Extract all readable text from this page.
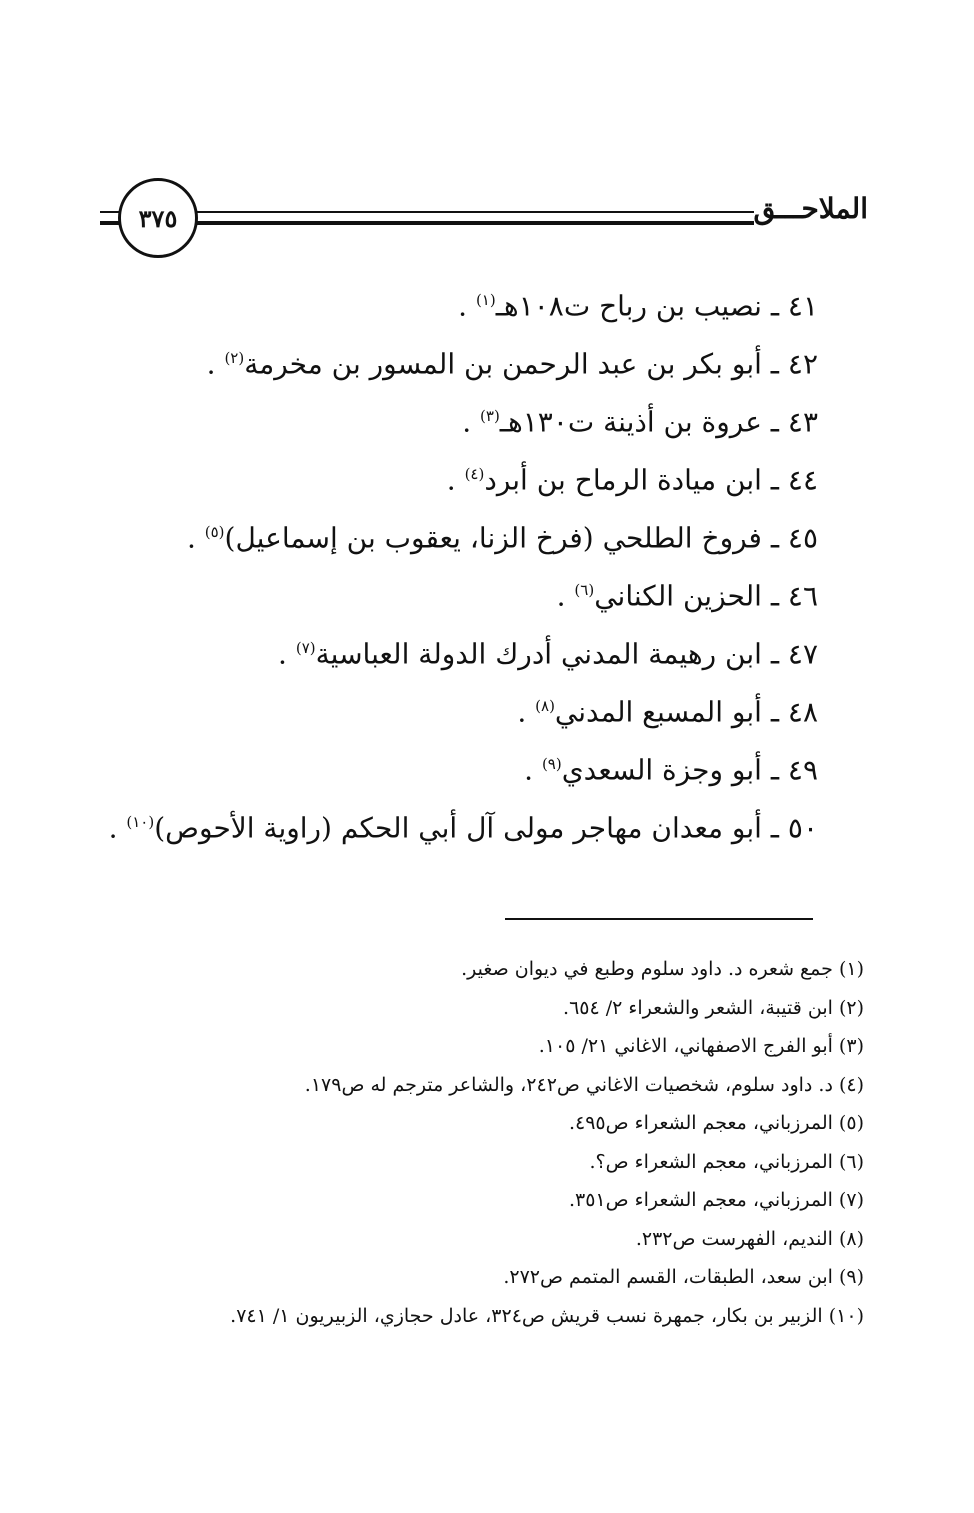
٣٧٥	الملاحـــق
٤١ ـ نصيب بن رباح ت١٠٨هـ$^{(١)}$ .
٤٢ ـ أبو بكر بن عبد الرحمن بن المسور بن مخرمة$^{(٢)}$ .
٤٣ ـ عروة بن أذينة ت١٣٠هـ$^{(٣)}$ .
٤٤ ـ ابن ميادة الرماح بن أبرد$^{(٤)}$ .
٤٥ ـ فروخ الطلحي (فرخ الزنا، يعقوب بن إسماعيل)$^{(٥)}$ .
٤٦ ـ الحزين الكناني$^{(٦)}$ .
٤٧ ـ ابن رهيمة المدني أدرك الدولة العباسية$^{(٧)}$ .
٤٨ ـ أبو المسبع المدني$^{(٨)}$ .
٤٩ ـ أبو وجزة السعدي$^{(٩)}$ .
٥٠ ـ أبو معدان مهاجر مولى آل أبي الحكم (راوية الأحوص)$^{(١٠)}$ .
(١) جمع شعره د. داود سلوم وطبع في ديوان صغير.
(٢) ابن قتيبة، الشعر والشعراء ٢/ ٦٥٤.
(٣) أبو الفرج الاصفهاني، الاغاني ٢١/ ١٠٥.
(٤) د. داود سلوم، شخصيات الاغاني ص٢٤٢، والشاعر مترجم له ص١٧٩.
(٥) المرزباني، معجم الشعراء ص٤٩٥.
(٦) المرزباني، معجم الشعراء ص؟.
(٧) المرزباني، معجم الشعراء ص٣٥١.
(٨) النديم، الفهرست ص٢٣٢.
(٩) ابن سعد، الطبقات، القسم المتمم ص٢٧٢.
(١٠) الزبير بن بكار، جمهرة نسب قريش ص٣٢٤، عادل حجازي، الزبيريون ١/ ٧٤١.
